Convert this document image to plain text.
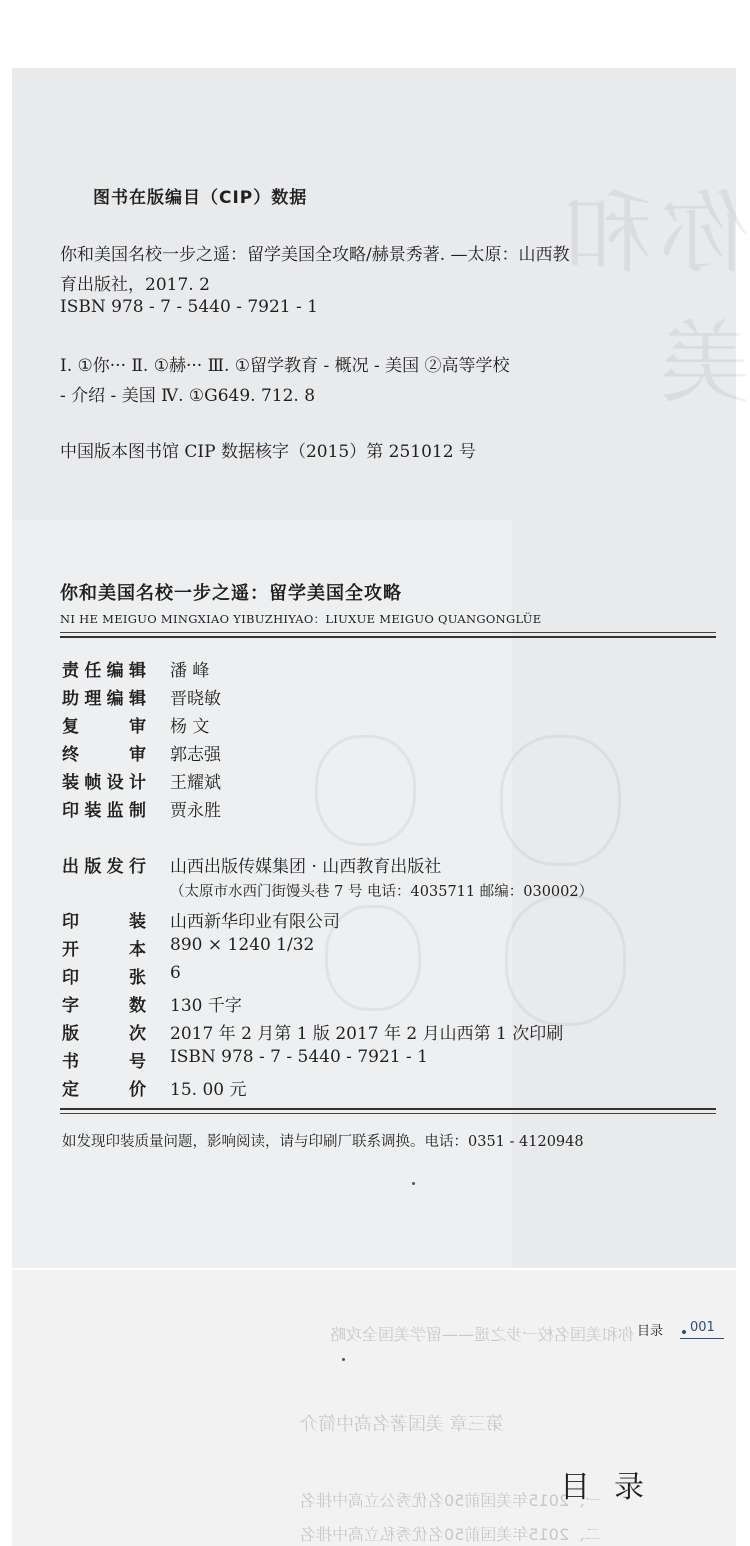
你和美
图书在版编目（CIP）数据
你和美国名校一步之遥：留学美国全攻略/赫景秀著. —太原：山西教
育出版社，2017. 2
ISBN 978 - 7 - 5440 - 7921 - 1
Ⅰ. ①你··· Ⅱ. ①赫··· Ⅲ. ①留学教育 - 概况 - 美国 ②高等学校
- 介绍 - 美国 Ⅳ. ①G649. 712. 8
中国版本图书馆 CIP 数据核字（2015）第 251012 号
你和美国名校一步之遥：留学美国全攻略
NI HE MEIGUO MINGXIAO YIBUZHIYAO：LIUXUE MEIGUO QUANGONGLÜE
责 任 编 辑 潘 峰
助 理 编 辑 晋晓敏
复	审 杨 文
终	审 郭志强
装 帧 设 计 王耀斌
印 装 监 制 贾永胜
出 版 发 行 山西出版传媒集团 · 山西教育出版社
（太原市水西门街馒头巷 7 号 电话：4035711 邮编：030002）
印	装 山西新华印业有限公司
开	本 890 × 1240 1/32
印	张 6
字	数 130 千字
版	次 2017 年 2 月第 1 版 2017 年 2 月山西第 1 次印刷
书	号 ISBN 978 - 7 - 5440 - 7921 - 1
定	价 15. 00 元
如发现印装质量问题，影响阅读，请与印刷厂联系调换。电话：0351 - 4120948
你和美国名校一步之遥——留学美国全攻略
第三章 美国著名高中简介
一、2015年美国前50名优秀公立高中排名
二、2015年美国前50名优秀私立高中排名
目录 001
目录
